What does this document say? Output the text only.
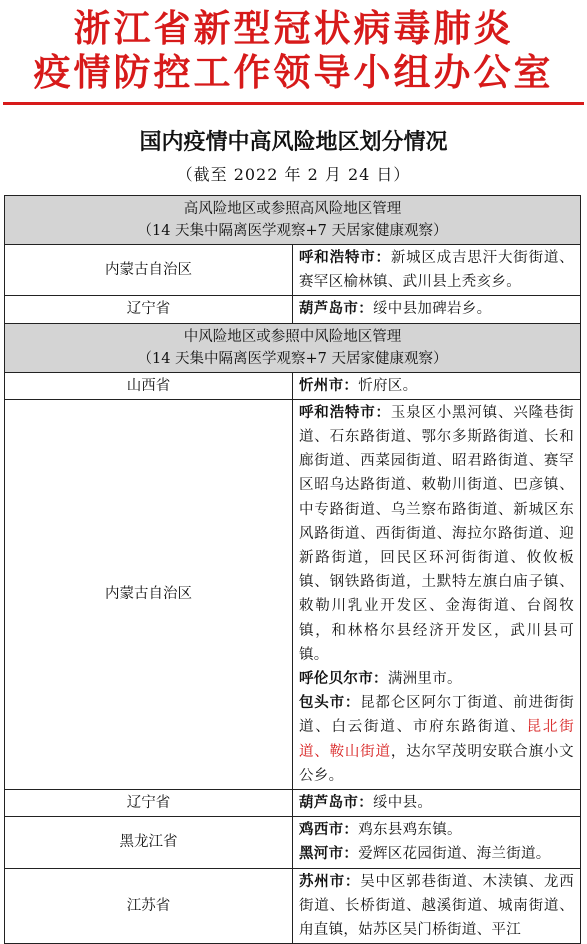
浙江省新型冠状病毒肺炎
疫情防控工作领导小组办公室
国内疫情中高风险地区划分情况
（截至 2022 年 2 月 24 日）
高风险地区或参照高风险地区管理
（14 天集中隔离医学观察+7 天居家健康观察）	

内蒙古自治区	呼和浩特市：新城区成吉思汗大街街道、赛罕区榆林镇、武川县上秃亥乡。
辽宁省	葫芦岛市：绥中县加碑岩乡。

中风险地区或参照中风险地区管理
（14 天集中隔离医学观察+7 天居家健康观察）	

山西省	忻州市：忻府区。
内蒙古自治区	呼和浩特市：玉泉区小黑河镇、兴隆巷街道、石东路街道、鄂尔多斯路街道、长和廊街道、西菜园街道、昭君路街道、赛罕区昭乌达路街道、敕勒川街道、巴彦镇、中专路街道、乌兰察布路街道、新城区东风路街道、西街街道、海拉尔路街道、迎新路街道，回民区环河街街道、攸攸板镇、钢铁路街道，土默特左旗白庙子镇、敕勒川乳业开发区、金海街道、台阁牧镇，和林格尔县经济开发区，武川县可镇。
呼伦贝尔市：满洲里市。
包头市：昆都仑区阿尔丁街道、前进街街道、白云街道、市府东路街道、昆北街道、鞍山街道，达尔罕茂明安联合旗小文公乡。

辽宁省	葫芦岛市：绥中县。
黑龙江省	鸡西市：鸡东县鸡东镇。
黑河市：爱辉区花园街道、海兰街道。

江苏省	苏州市：吴中区郭巷街道、木渎镇、龙西街道、长桥街道、越溪街道、城南街道、甪直镇，姑苏区吴门桥街道、平江
